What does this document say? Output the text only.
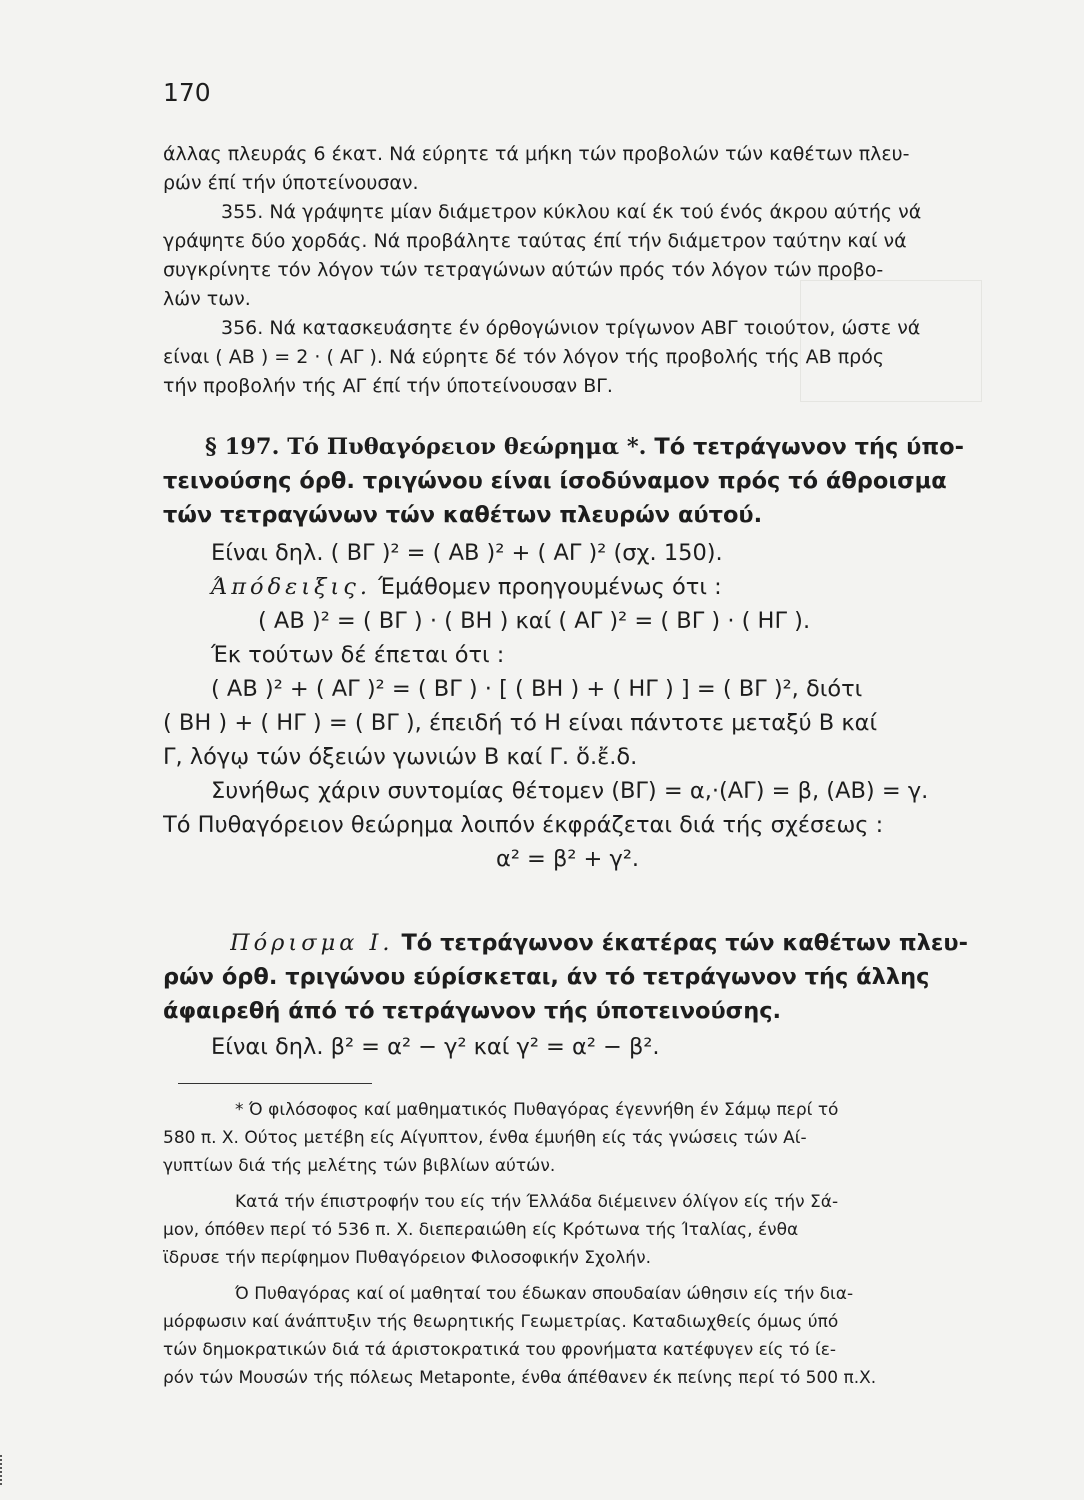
170
άλλας πλευράς 6 έκατ. Νά εύρητε τά μήκη τών προβολών τών καθέτων πλευ-
ρών έπί τήν ύποτείνουσαν.
355. Νά γράψητε μίαν διάμετρον κύκλου καί έκ τού ένός άκρου αύτής νά
γράψητε δύο χορδάς. Νά προβάλητε ταύτας έπί τήν διάμετρον ταύτην καί νά
συγκρίνητε τόν λόγον τών τετραγώνων αύτών πρός τόν λόγον τών προβο-
λών των.
356. Νά κατασκευάσητε έν όρθογώνιον τρίγωνον ΑΒΓ τοιούτον, ώστε νά
είναι ( ΑΒ ) = 2 · ( ΑΓ ). Νά εύρητε δέ τόν λόγον τής προβολής τής ΑΒ πρός
τήν προβολήν τής ΑΓ έπί τήν ύποτείνουσαν ΒΓ.
§ 197. Τό Πυθαγόρειον θεώρημα *. Τό τετράγωνον τής ύπο-
τεινούσης όρθ. τριγώνου είναι ίσοδύναμον πρός τό άθροισμα
τών τετραγώνων τών καθέτων πλευρών αύτού.
Είναι δηλ. ( ΒΓ )² = ( ΑΒ )² + ( ΑΓ )² (σχ. 150).
Άπόδειξις. Έμάθομεν προηγουμένως ότι :
( ΑΒ )² = ( ΒΓ ) · ( ΒΗ ) καί ( ΑΓ )² = ( ΒΓ ) · ( ΗΓ ).
Έκ τούτων δέ έπεται ότι :
( ΑΒ )² + ( ΑΓ )² = ( ΒΓ ) · [ ( ΒΗ ) + ( ΗΓ ) ] = ( ΒΓ )², διότι
( ΒΗ ) + ( ΗΓ ) = ( ΒΓ ), έπειδή τό Η είναι πάντοτε μεταξύ Β καί
Γ, λόγῳ τών όξειών γωνιών Β καί Γ. ὅ.ἔ.δ.
Συνήθως χάριν συντομίας θέτομεν (ΒΓ) = α,·(ΑΓ) = β, (ΑΒ) = γ.
Τό Πυθαγόρειον θεώρημα λοιπόν έκφράζεται διά τής σχέσεως :
α² = β² + γ².
Πόρισμα Ι. Τό τετράγωνον έκατέρας τών καθέτων πλευ-
ρών όρθ. τριγώνου εύρίσκεται, άν τό τετράγωνον τής άλλης
άφαιρεθή άπό τό τετράγωνον τής ύποτεινούσης.
Είναι δηλ. β² = α² − γ² καί γ² = α² − β².
* Ό φιλόσοφος καί μαθηματικός Πυθαγόρας έγεννήθη έν Σάμῳ περί τό
580 π. Χ. Ούτος μετέβη είς Αίγυπτον, ένθα έμυήθη είς τάς γνώσεις τών Αί-
γυπτίων διά τής μελέτης τών βιβλίων αύτών.
Κατά τήν έπιστροφήν του είς τήν Έλλάδα διέμεινεν όλίγον είς τήν Σά-
μον, όπόθεν περί τό 536 π. Χ. διεπεραιώθη είς Κρότωνα τής Ίταλίας, ένθα
ϊδρυσε τήν περίφημον Πυθαγόρειον Φιλοσοφικήν Σχολήν.
Ό Πυθαγόρας καί οί μαθηταί του έδωκαν σπουδαίαν ώθησιν είς τήν δια-
μόρφωσιν καί άνάπτυξιν τής θεωρητικής Γεωμετρίας. Καταδιωχθείς όμως ύπό
τών δημοκρατικών διά τά άριστοκρατικά του φρονήματα κατέφυγεν είς τό ίε-
ρόν τών Μουσών τής πόλεως Metaponte, ένθα άπέθανεν έκ πείνης περί τό 500 π.Χ.
